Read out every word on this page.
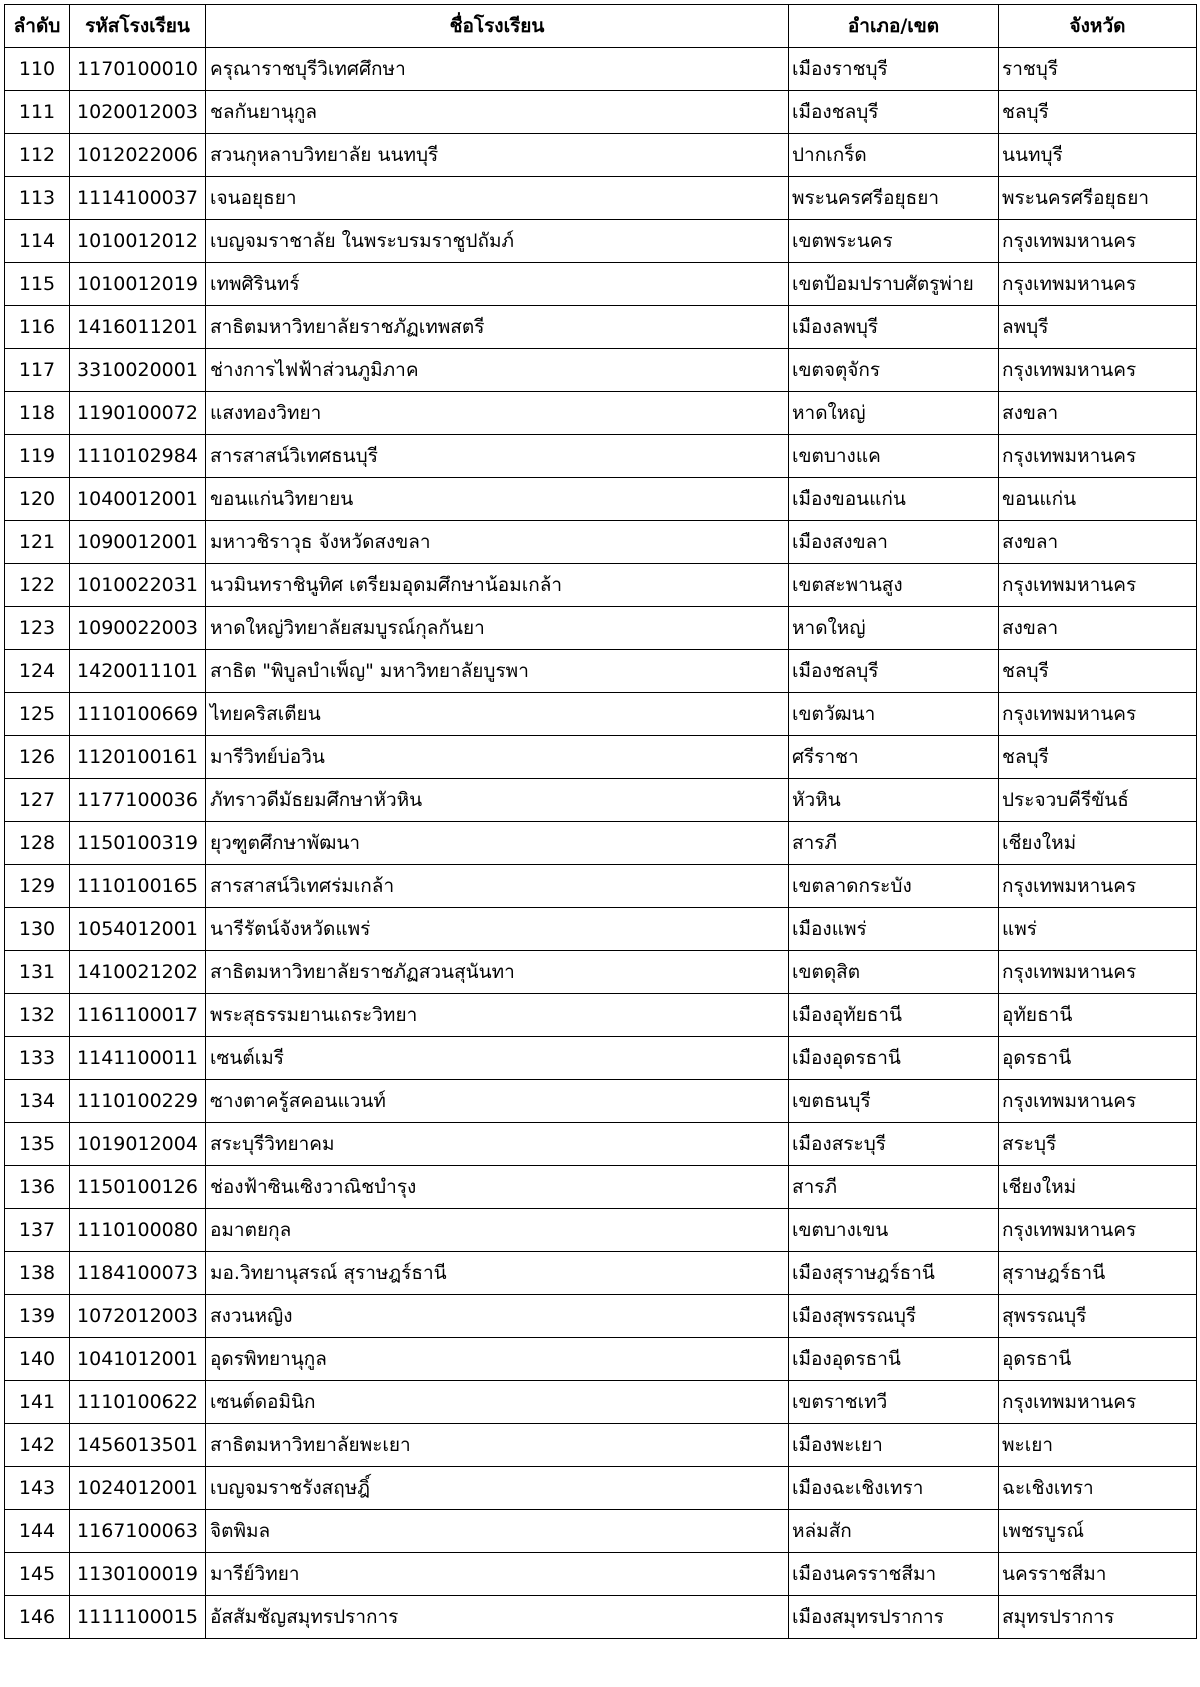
ลำดับ	รหัสโรงเรียน	ชื่อโรงเรียน	อำเภอ/เขต	จังหวัด
110	1170100010	ครุณาราชบุรีวิเทศศึกษา	เมืองราชบุรี	ราชบุรี
111	1020012003	ชลกันยานุกูล	เมืองชลบุรี	ชลบุรี
112	1012022006	สวนกุหลาบวิทยาลัย นนทบุรี	ปากเกร็ด	นนทบุรี
113	1114100037	เจนอยุธยา	พระนครศรีอยุธยา	พระนครศรีอยุธยา
114	1010012012	เบญจมราชาลัย ในพระบรมราชูปถัมภ์	เขตพระนคร	กรุงเทพมหานคร
115	1010012019	เทพศิรินทร์	เขตป้อมปราบศัตรูพ่าย	กรุงเทพมหานคร
116	1416011201	สาธิตมหาวิทยาลัยราชภัฏเทพสตรี	เมืองลพบุรี	ลพบุรี
117	3310020001	ช่างการไฟฟ้าส่วนภูมิภาค	เขตจตุจักร	กรุงเทพมหานคร
118	1190100072	แสงทองวิทยา	หาดใหญ่	สงขลา
119	1110102984	สารสาสน์วิเทศธนบุรี	เขตบางแค	กรุงเทพมหานคร
120	1040012001	ขอนแก่นวิทยายน	เมืองขอนแก่น	ขอนแก่น
121	1090012001	มหาวชิราวุธ จังหวัดสงขลา	เมืองสงขลา	สงขลา
122	1010022031	นวมินทราชินูทิศ เตรียมอุดมศึกษาน้อมเกล้า	เขตสะพานสูง	กรุงเทพมหานคร
123	1090022003	หาดใหญ่วิทยาลัยสมบูรณ์กุลกันยา	หาดใหญ่	สงขลา
124	1420011101	สาธิต "พิบูลบำเพ็ญ" มหาวิทยาลัยบูรพา	เมืองชลบุรี	ชลบุรี
125	1110100669	ไทยคริสเตียน	เขตวัฒนา	กรุงเทพมหานคร
126	1120100161	มารีวิทย์บ่อวิน	ศรีราชา	ชลบุรี
127	1177100036	ภัทราวดีมัธยมศึกษาหัวหิน	หัวหิน	ประจวบคีรีขันธ์
128	1150100319	ยุวฑูตศึกษาพัฒนา	สารภี	เชียงใหม่
129	1110100165	สารสาสน์วิเทศร่มเกล้า	เขตลาดกระบัง	กรุงเทพมหานคร
130	1054012001	นารีรัตน์จังหวัดแพร่	เมืองแพร่	แพร่
131	1410021202	สาธิตมหาวิทยาลัยราชภัฏสวนสุนันทา	เขตดุสิต	กรุงเทพมหานคร
132	1161100017	พระสุธรรมยานเถระวิทยา	เมืองอุทัยธานี	อุทัยธานี
133	1141100011	เซนต์เมรี	เมืองอุดรธานี	อุดรธานี
134	1110100229	ซางตาครู้สคอนแวนท์	เขตธนบุรี	กรุงเทพมหานคร
135	1019012004	สระบุรีวิทยาคม	เมืองสระบุรี	สระบุรี
136	1150100126	ช่องฟ้าซินเซิงวาณิชบำรุง	สารภี	เชียงใหม่
137	1110100080	อมาตยกุล	เขตบางเขน	กรุงเทพมหานคร
138	1184100073	มอ.วิทยานุสรณ์ สุราษฎร์ธานี	เมืองสุราษฎร์ธานี	สุราษฎร์ธานี
139	1072012003	สงวนหญิง	เมืองสุพรรณบุรี	สุพรรณบุรี
140	1041012001	อุดรพิทยานุกูล	เมืองอุดรธานี	อุดรธานี
141	1110100622	เซนต์ดอมินิก	เขตราชเทวี	กรุงเทพมหานคร
142	1456013501	สาธิตมหาวิทยาลัยพะเยา	เมืองพะเยา	พะเยา
143	1024012001	เบญจมราชรังสฤษฎิ์	เมืองฉะเชิงเทรา	ฉะเชิงเทรา
144	1167100063	จิตพิมล	หล่มสัก	เพชรบูรณ์
145	1130100019	มารีย์วิทยา	เมืองนครราชสีมา	นครราชสีมา
146	1111100015	อัสสัมชัญสมุทรปราการ	เมืองสมุทรปราการ	สมุทรปราการ
